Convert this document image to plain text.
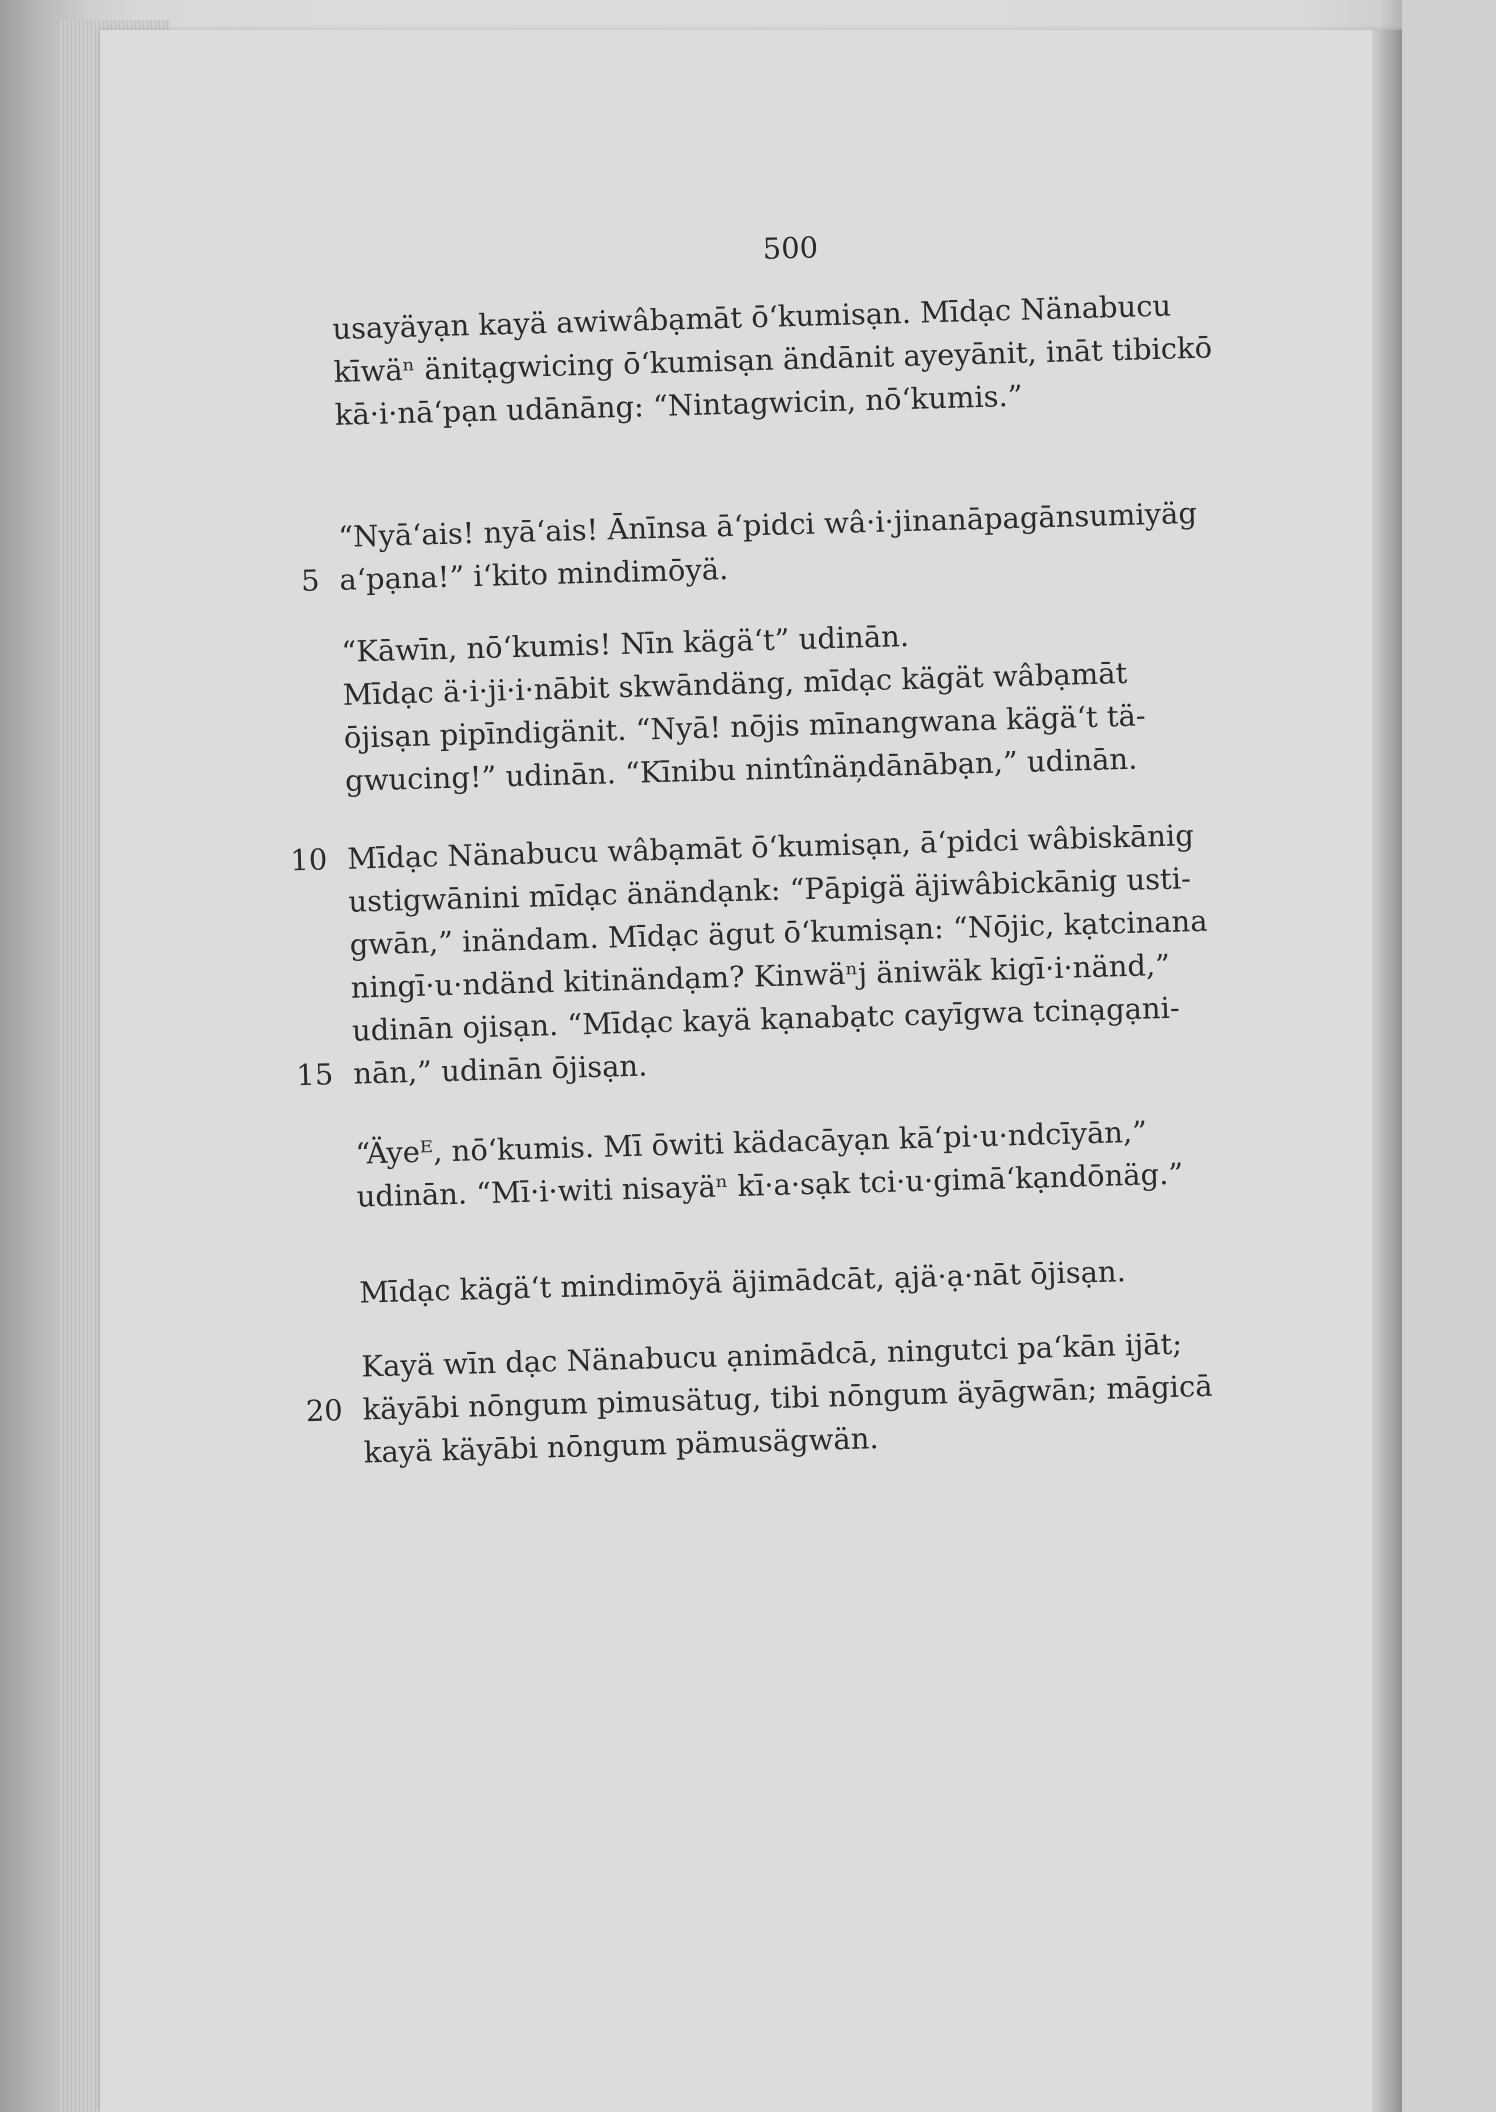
500
usayäyạn kayä awiwâbạmāt ō‘kumisạn. Mīdạc Nänabucu
kīwäⁿ änitạgwicing ō‘kumisạn ändānit ayeyānit, ināt tibickō
kā·i·nā‘pạn udānāng: “Nintagwicin, nō‘kumis.”
“Nyā‘ais! nyā‘ais! Ānīnsa ā‘pidci wâ·i·jinanāpagānsumiyäg
5 a‘pạna!” i‘kito mindimōyä.
“Kāwīn, nō‘kumis! Nīn kägä‘t” udinān.
Mīdạc ä·i·ji·i·nābit skwāndäng, mīdạc kägät wâbạmāt
ōjisạn pipīndigänit. “Nyā! nōjis mīnangwana kägä‘t tä-
gwucing!” udinān. “Kīnibu nintînäņdānābạn,” udinān.
10 Mīdạc Nänabucu wâbạmāt ō‘kumisạn, ā‘pidci wâbiskānig
ustigwānini mīdạc änändạnk: “Pāpigä äjiwâbickānig usti-
gwān,” inändam. Mīdạc ägut ō‘kumisạn: “Nōjic, kạtcinana
ningī·u·ndänd kitinändạm? Kinwäⁿj äniwäk kigī·i·nänd,”
udinān ojisạn. “Mīdạc kayä kạnabạtc cayīgwa tcinạgạni-
15 nān,” udinān ōjisạn.
“Äyeᴱ, nō‘kumis. Mī ōwiti kädacāyạn kā‘pi·u·ndcīyān,”
udinān. “Mī·i·witi nisayäⁿ kī·a·sạk tci·u·gimā‘kạndōnäg.”
Mīdạc kägä‘t mindimōyä äjimādcāt, ạjä·ạ·nāt ōjisạn.
Kayä wīn dạc Nänabucu ạnimādcā, ningutci pa‘kān ijāt;
20 käyābi nōngum pimusätug, tibi nōngum äyāgwān; māgicā
kayä käyābi nōngum pämusägwän.
